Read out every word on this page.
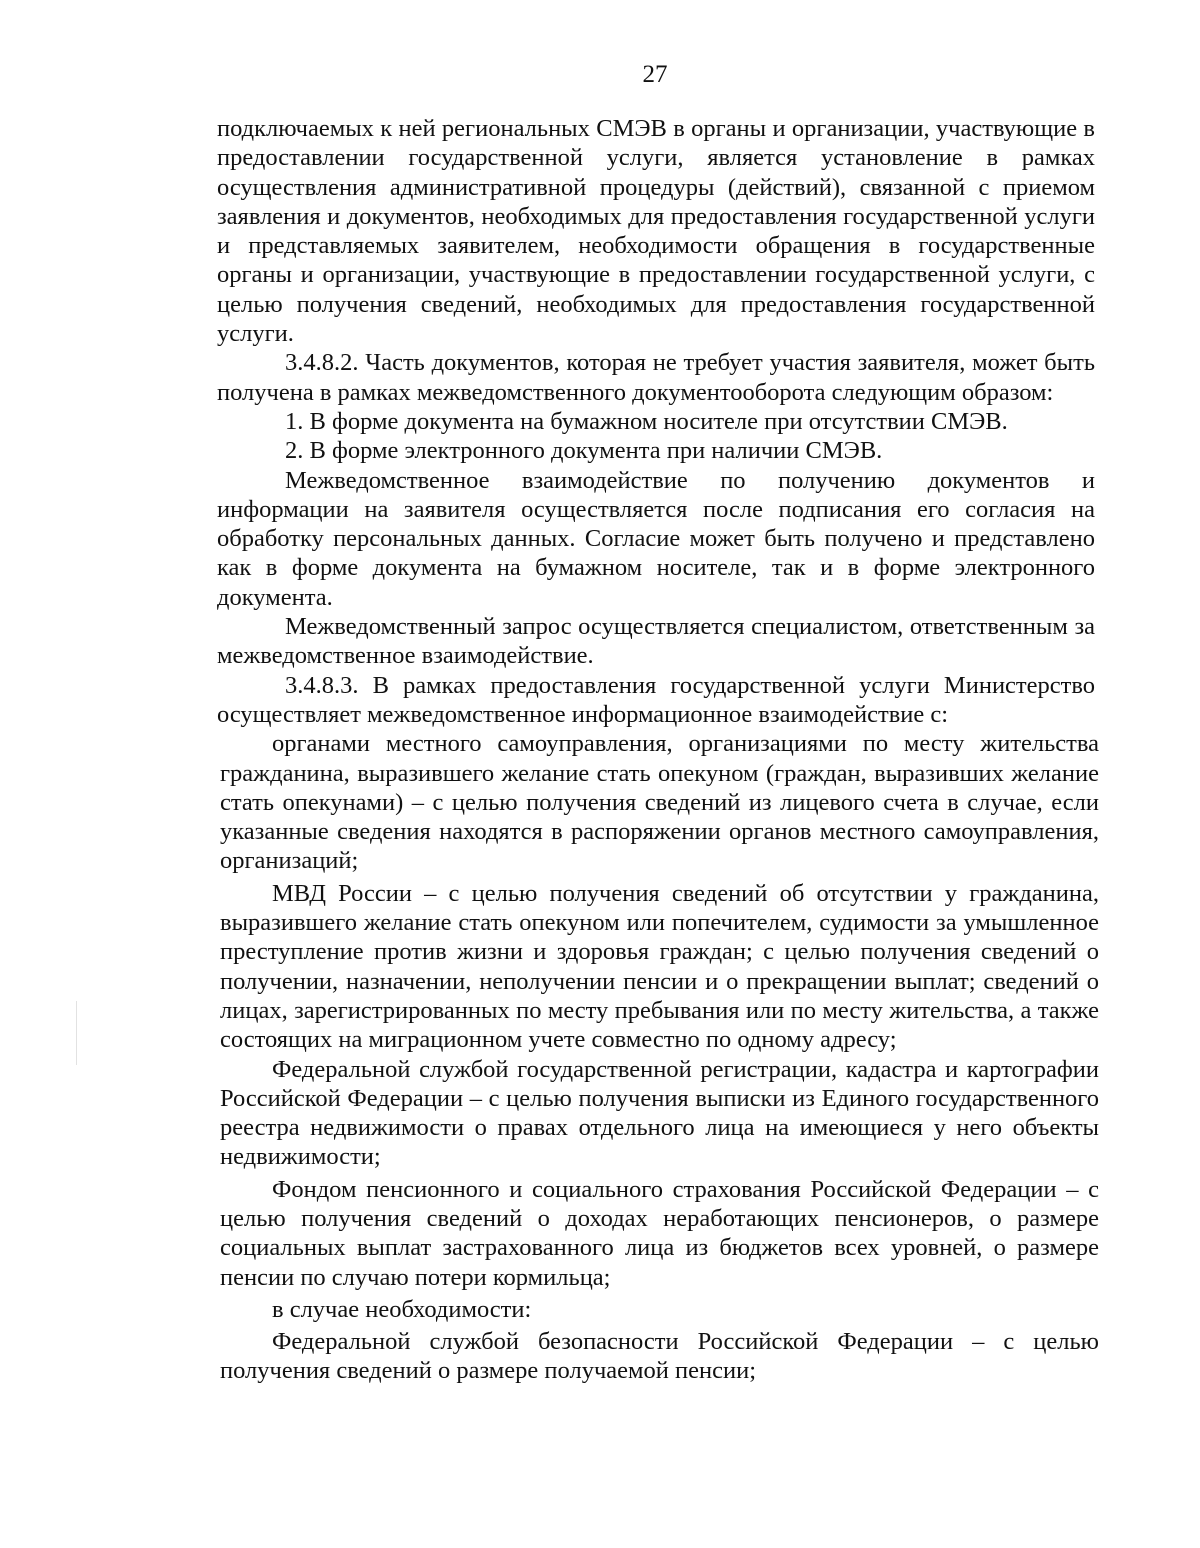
27

подключаемых к ней региональных СМЭВ в органы и организации, участвующие в предоставлении государственной услуги, является установление в рамках осуществления административной процедуры (действий), связанной с приемом заявления и документов, необходимых для предоставления государственной услуги и представляемых заявителем, необходимости обращения в государственные органы и организации, участвующие в предоставлении государственной услуги, с целью получения сведений, необходимых для предоставления государственной услуги.

3.4.8.2. Часть документов, которая не требует участия заявителя, может быть получена в рамках межведомственного документооборота следующим образом:

1. В форме документа на бумажном носителе при отсутствии СМЭВ.

2. В форме электронного документа при наличии СМЭВ.

Межведомственное взаимодействие по получению документов и информации на заявителя осуществляется после подписания его согласия на обработку персональных данных. Согласие может быть получено и представлено как в форме документа на бумажном носителе, так и в форме электронного документа.

Межведомственный запрос осуществляется специалистом, ответственным за межведомственное взаимодействие.

3.4.8.3. В рамках предоставления государственной услуги Министерство осуществляет межведомственное информационное взаимодействие с:

органами местного самоуправления, организациями по месту жительства гражданина, выразившего желание стать опекуном (граждан, выразивших желание стать опекунами) – с целью получения сведений из лицевого счета в случае, если указанные сведения находятся в распоряжении органов местного самоуправления, организаций;

МВД России – с целью получения сведений об отсутствии у гражданина, выразившего желание стать опекуном или попечителем, судимости за умышленное преступление против жизни и здоровья граждан; с целью получения сведений о получении, назначении, неполучении пенсии и о прекращении выплат; сведений о лицах, зарегистрированных по месту пребывания или по месту жительства, а также состоящих на миграционном учете совместно по одному адресу;

Федеральной службой государственной регистрации, кадастра и картографии Российской Федерации – с целью получения выписки из Единого государственного реестра недвижимости о правах отдельного лица на имеющиеся у него объекты недвижимости;

Фондом пенсионного и социального страхования Российской Федерации – с целью получения сведений о доходах неработающих пенсионеров, о размере социальных выплат застрахованного лица из бюджетов всех уровней, о размере пенсии по случаю потери кормильца;

в случае необходимости:

Федеральной службой безопасности Российской Федерации – с целью получения сведений о размере получаемой пенсии;
